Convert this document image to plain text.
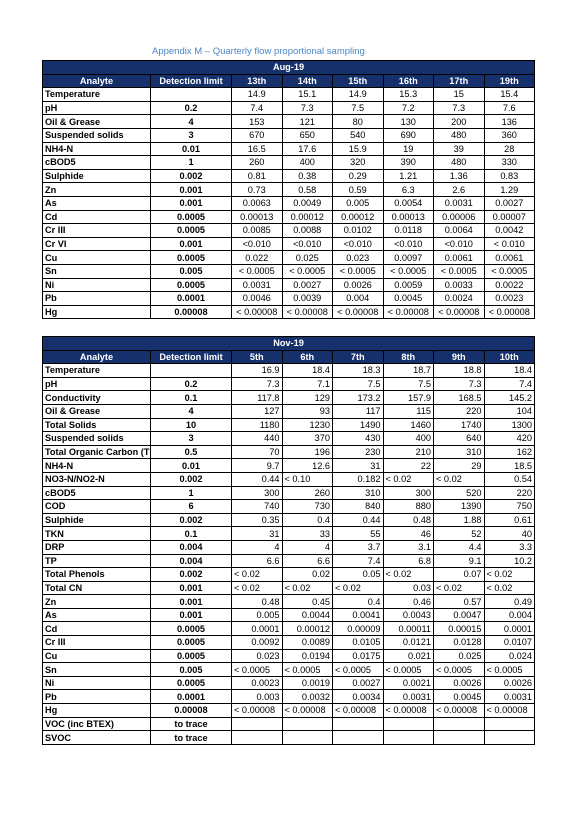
Appendix M – Quarterly flow proportional sampling
Aug-19							
Analyte	Detection limit	13th	14th	15th	16th	17th	19th
Temperature		14.9	15.1	14.9	15.3	15	15.4
pH	0.2	7.4	7.3	7.5	7.2	7.3	7.6
Oil & Grease	4	153	121	80	130	200	136
Suspended solids	3	670	650	540	690	480	360
NH4-N	0.01	16.5	17.6	15.9	19	39	28
cBOD5	1	260	400	320	390	480	330
Sulphide	0.002	0.81	0.38	0.29	1.21	1.36	0.83
Zn	0.001	0.73	0.58	0.59	6.3	2.6	1.29
As	0.001	0.0063	0.0049	0.005	0.0054	0.0031	0.0027
Cd	0.0005	0.00013	0.00012	0.00012	0.00013	0.00006	0.00007
Cr III	0.0005	0.0085	0.0088	0.0102	0.0118	0.0064	0.0042
Cr VI	0.001	<0.010	<0.010	<0.010	<0.010	<0.010	< 0.010
Cu	0.0005	0.022	0.025	0.023	0.0097	0.0061	0.0061
Sn	0.005	< 0.0005	< 0.0005	< 0.0005	< 0.0005	< 0.0005	< 0.0005
Ni	0.0005	0.0031	0.0027	0.0026	0.0059	0.0033	0.0022
Pb	0.0001	0.0046	0.0039	0.004	0.0045	0.0024	0.0023
Hg	0.00008	< 0.00008	< 0.00008	< 0.00008	< 0.00008	< 0.00008	< 0.00008
Nov-19							
Analyte	Detection limit	5th	6th	7th	8th	9th	10th
Temperature		16.9	18.4	18.3	18.7	18.8	18.4
pH	0.2	7.3	7.1	7.5	7.5	7.3	7.4
Conductivity	0.1	117.8	129	173.2	157.9	168.5	145.2
Oil & Grease	4	127	93	117	115	220	104
Total Solids	10	1180	1230	1490	1460	1740	1300
Suspended solids	3	440	370	430	400	640	420
Total Organic Carbon (T	0.5	70	196	230	210	310	162
NH4-N	0.01	9.7	12.6	31	22	29	18.5
NO3-N/NO2-N	0.002	0.44	< 0.10	0.182	< 0.02	< 0.02	0.54
cBOD5	1	300	260	310	300	520	220
COD	6	740	730	840	880	1390	750
Sulphide	0.002	0.35	0.4	0.44	0.48	1.88	0.61
TKN	0.1	31	33	55	46	52	40
DRP	0.004	4	4	3.7	3.1	4.4	3.3
TP	0.004	6.6	6.6	7.4	6.8	9.1	10.2
Total Phenols	0.002	< 0.02	0.02	0.05	< 0.02	0.07	< 0.02
Total CN	0.001	< 0.02	< 0.02	< 0.02	0.03	< 0.02	< 0.02
Zn	0.001	0.48	0.45	0.4	0.46	0.57	0.49
As	0.001	0.005	0.0044	0.0041	0.0043	0.0047	0.004
Cd	0.0005	0.0001	0.00012	0.00009	0.00011	0.00015	0.0001
Cr III	0.0005	0.0092	0.0089	0.0105	0.0121	0.0128	0.0107
Cu	0.0005	0.023	0.0194	0.0175	0.021	0.025	0.024
Sn	0.005	< 0.0005	< 0.0005	< 0.0005	< 0.0005	< 0.0005	< 0.0005
Ni	0.0005	0.0023	0.0019	0.0027	0.0021	0.0026	0.0026
Pb	0.0001	0.003	0.0032	0.0034	0.0031	0.0045	0.0031
Hg	0.00008	< 0.00008	< 0.00008	< 0.00008	< 0.00008	< 0.00008	< 0.00008
VOC (inc BTEX)	to trace						
SVOC	to trace						
